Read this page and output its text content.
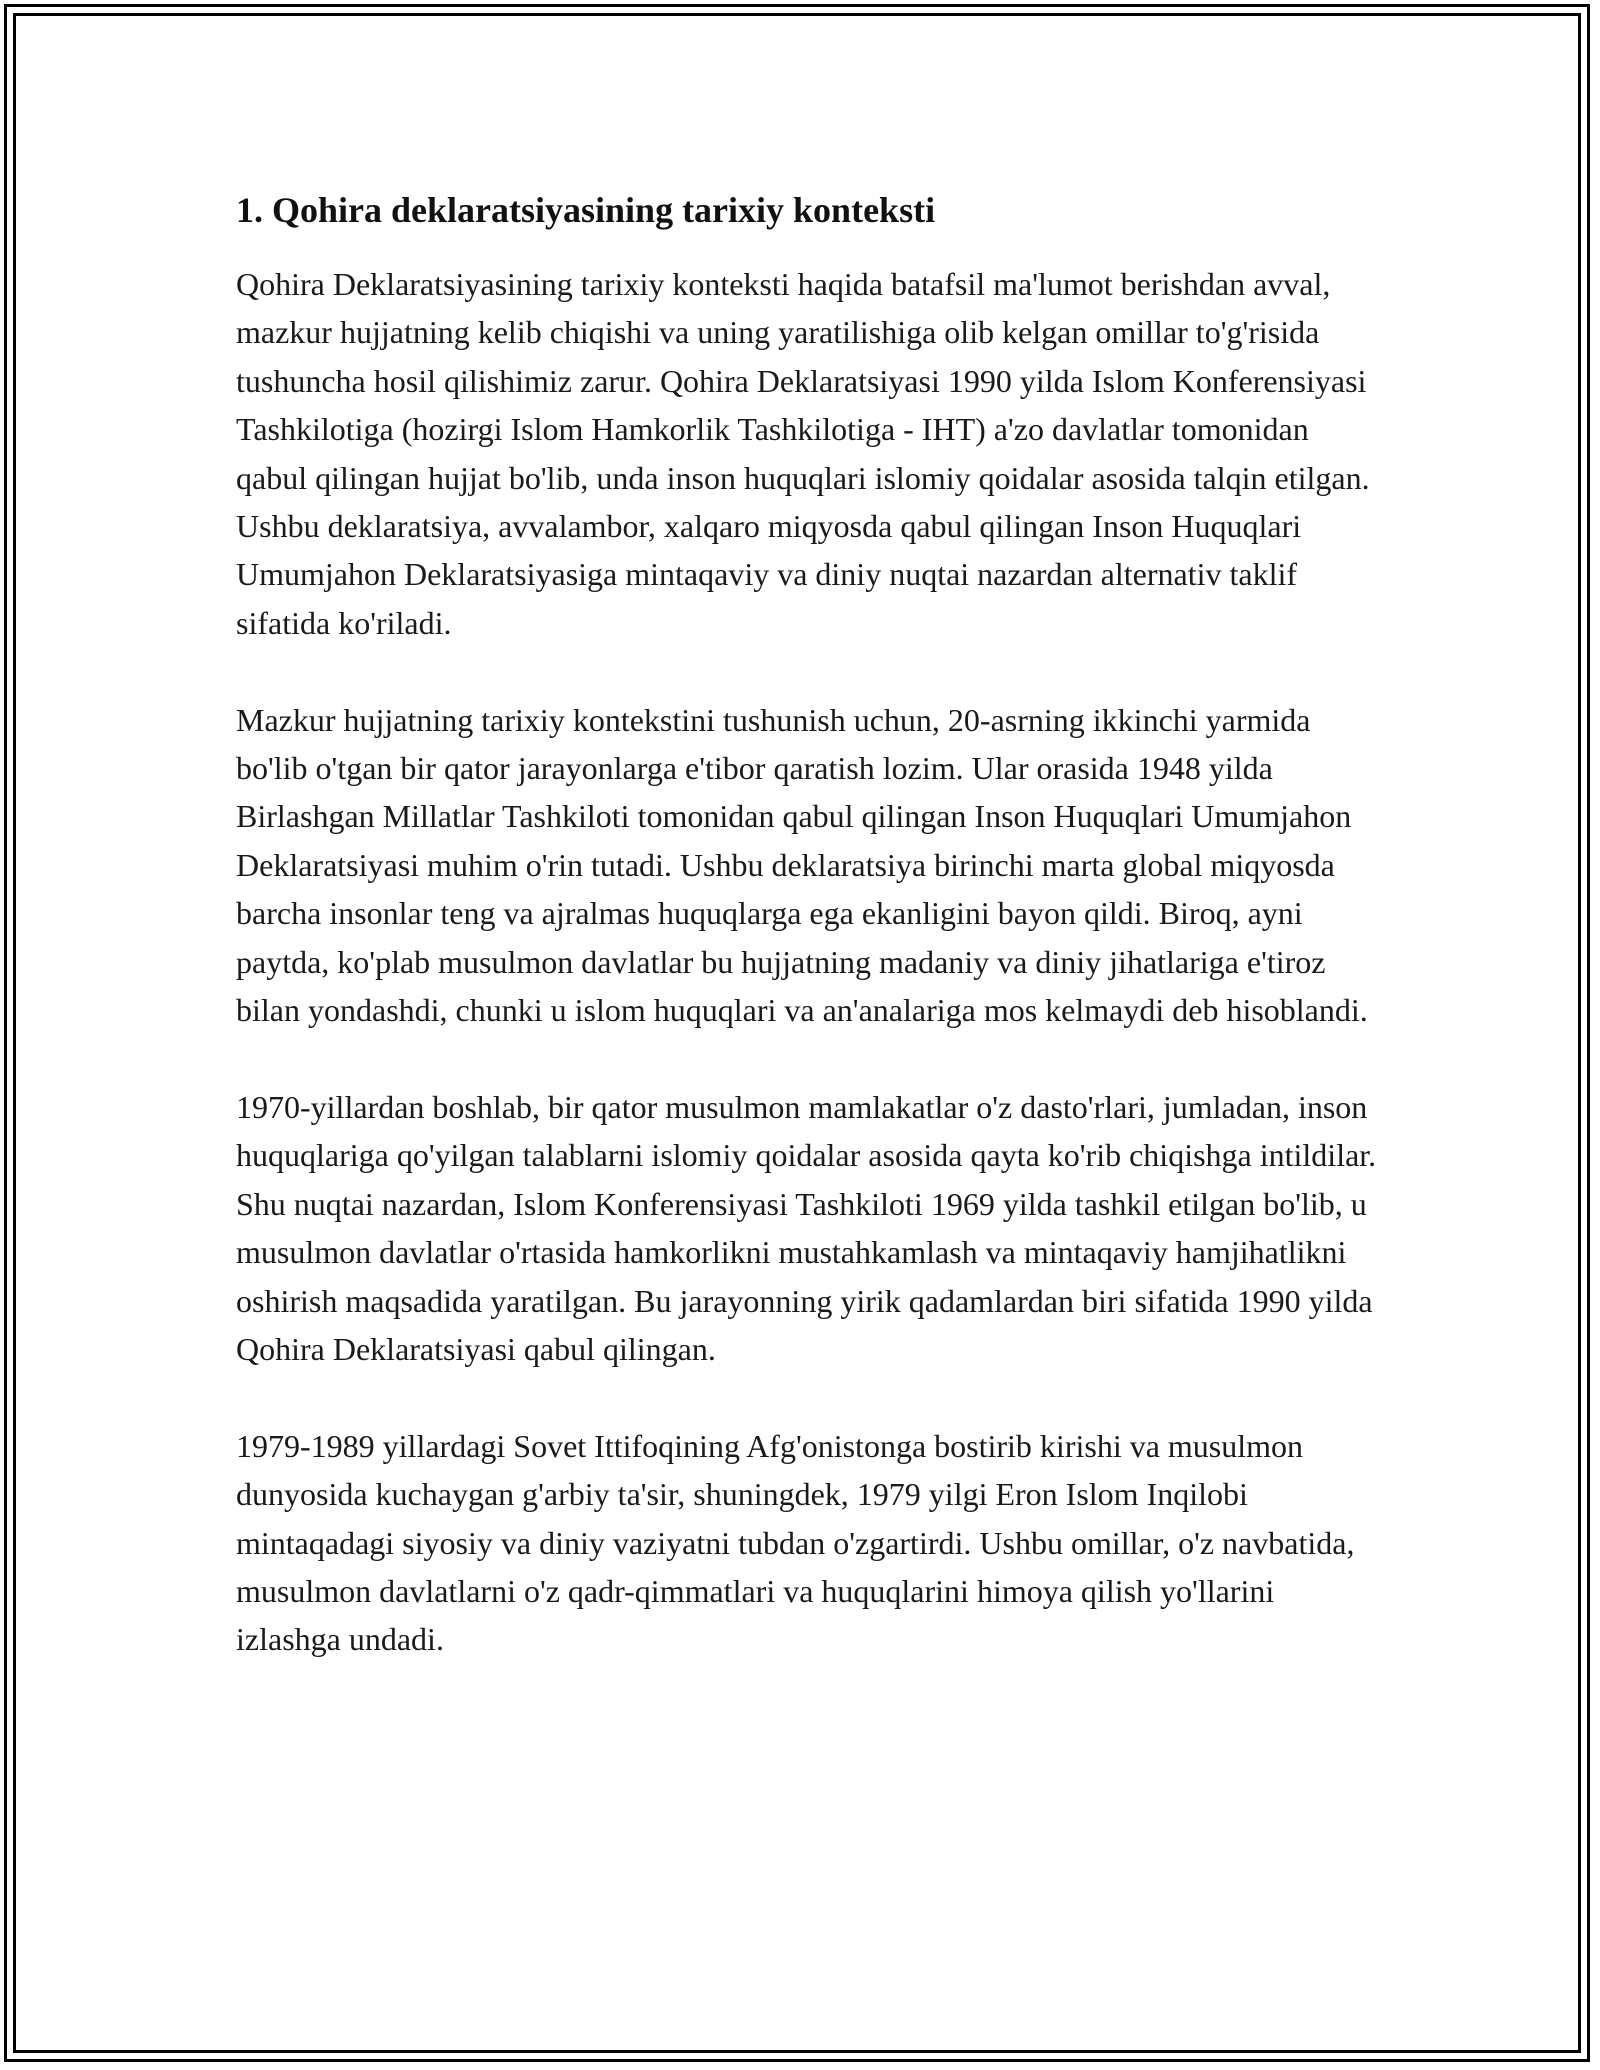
1. Qohira deklaratsiyasining tarixiy konteksti

Qohira Deklaratsiyasining tarixiy konteksti haqida batafsil ma'lumot berishdan avval, mazkur hujjatning kelib chiqishi va uning yaratilishiga olib kelgan omillar to'g'risida tushuncha hosil qilishimiz zarur. Qohira Deklaratsiyasi 1990 yilda Islom Konferensiyasi Tashkilotiga (hozirgi Islom Hamkorlik Tashkilotiga - IHT) a'zo davlatlar tomonidan qabul qilingan hujjat bo'lib, unda inson huquqlari islomiy qoidalar asosida talqin etilgan. Ushbu deklaratsiya, avvalambor, xalqaro miqyosda qabul qilingan Inson Huquqlari Umumjahon Deklaratsiyasiga mintaqaviy va diniy nuqtai nazardan alternativ taklif sifatida ko'riladi.

Mazkur hujjatning tarixiy kontekstini tushunish uchun, 20-asrning ikkinchi yarmida bo'lib o'tgan bir qator jarayonlarga e'tibor qaratish lozim. Ular orasida 1948 yilda Birlashgan Millatlar Tashkiloti tomonidan qabul qilingan Inson Huquqlari Umumjahon Deklaratsiyasi muhim o'rin tutadi. Ushbu deklaratsiya birinchi marta global miqyosda barcha insonlar teng va ajralmas huquqlarga ega ekanligini bayon qildi. Biroq, ayni paytda, ko'plab musulmon davlatlar bu hujjatning madaniy va diniy jihatlariga e'tiroz bilan yondashdi, chunki u islom huquqlari va an'analariga mos kelmaydi deb hisoblandi.

1970-yillardan boshlab, bir qator musulmon mamlakatlar o'z dasto'rlari, jumladan, inson huquqlariga qo'yilgan talablarni islomiy qoidalar asosida qayta ko'rib chiqishga intildilar. Shu nuqtai nazardan, Islom Konferensiyasi Tashkiloti 1969 yilda tashkil etilgan bo'lib, u musulmon davlatlar o'rtasida hamkorlikni mustahkamlash va mintaqaviy hamjihatlikni oshirish maqsadida yaratilgan. Bu jarayonning yirik qadamlardan biri sifatida 1990 yilda Qohira Deklaratsiyasi qabul qilingan.

1979-1989 yillardagi Sovet Ittifoqining Afg'onistonga bostirib kirishi va musulmon dunyosida kuchaygan g'arbiy ta'sir, shuningdek, 1979 yilgi Eron Islom Inqilobi mintaqadagi siyosiy va diniy vaziyatni tubdan o'zgartirdi. Ushbu omillar, o'z navbatida, musulmon davlatlarni o'z qadr-qimmatlari va huquqlarini himoya qilish yo'llarini izlashga undadi.
